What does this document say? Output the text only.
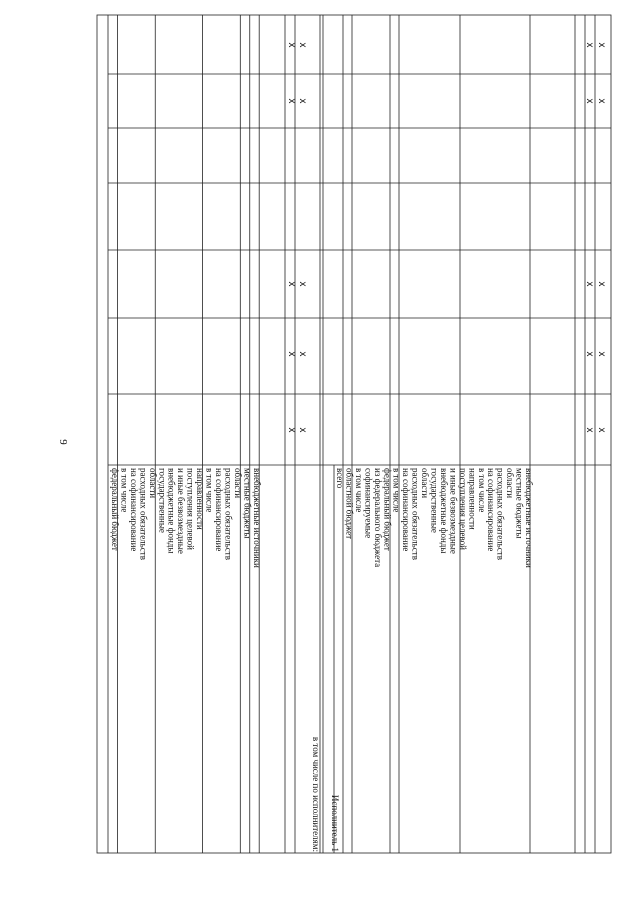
9
федеральный бюджет в том числе на софинансирование расходных обязательств области государственные внебюджетные фонды и иные безвозмездные поступления целевой направленности в том числе на софинансирование расходных обязательств области местные бюджеты внебюджетные источники	всего областной бюджет в том числе софинансируемые из федерального бюджета федеральный бюджет в том числе на софинансирование расходных обязательств области государственные внебюджетные фонды и иные безвозмездные поступления целевой направленности в том числе на софинансирование расходных обязательств области местные бюджеты внебюджетные источники
в том числе по исполнителям: Исполнитель 1
х х
х х
х х
х х
х х
х х
х х
х х
х х
х х
